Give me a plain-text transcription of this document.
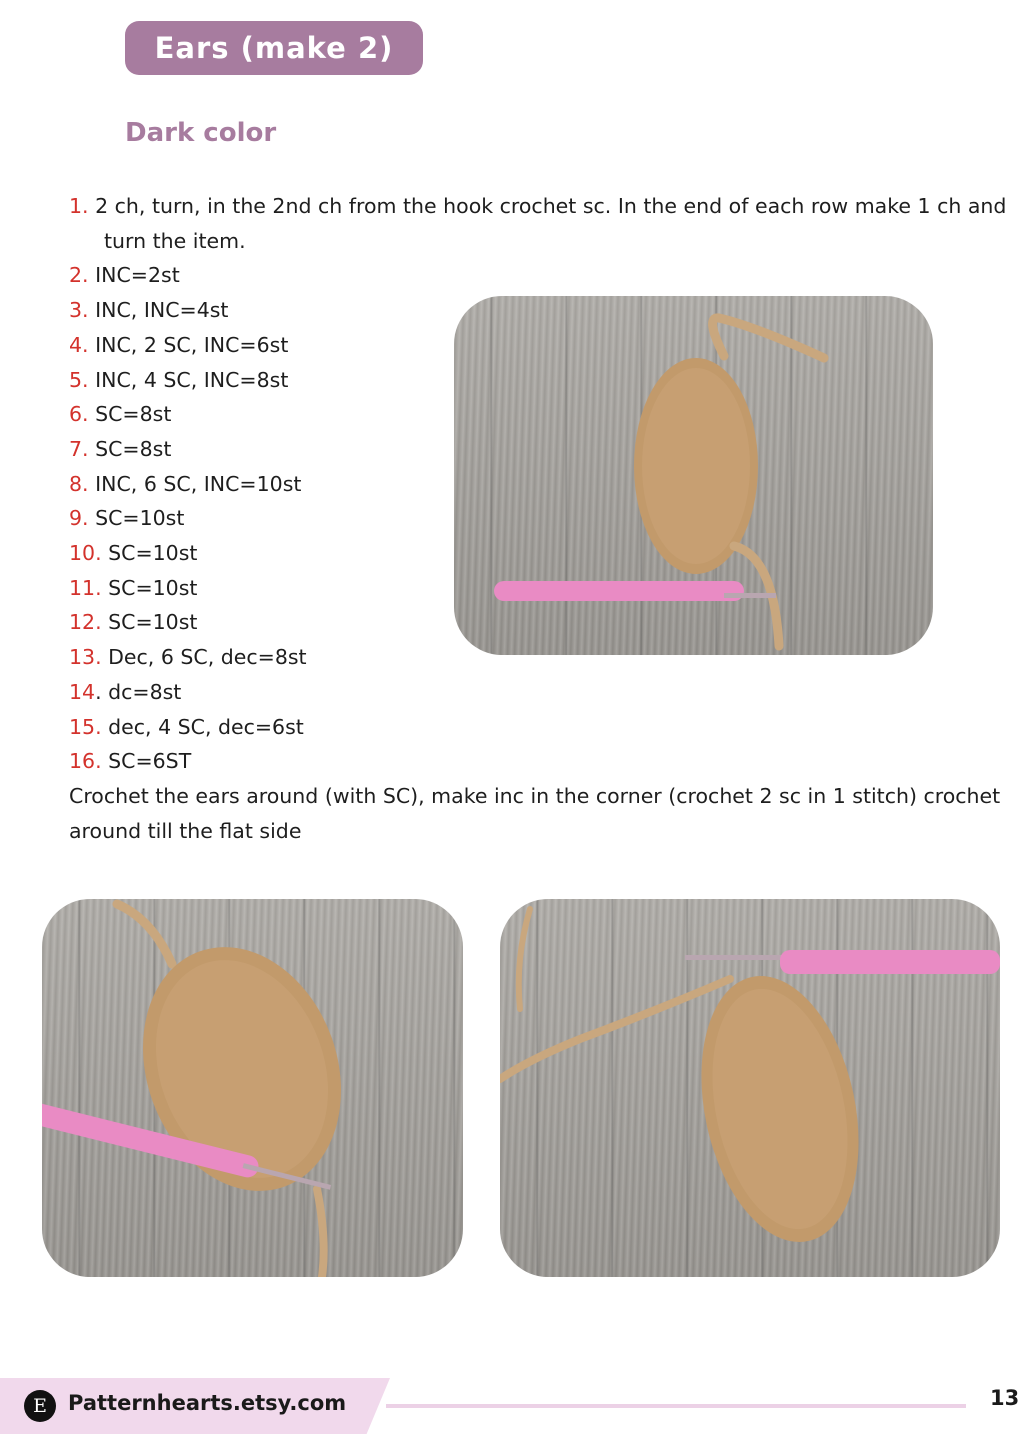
Ears (make 2)
Dark color
1. 2 ch, turn, in the 2nd ch from the hook crochet sc. In the end of each row make 1 ch and turn the item.
2. INC=2st
3. INC, INC=4st
4. INC, 2 SC, INC=6st
5. INC, 4 SC, INC=8st
6. SC=8st
7. SC=8st
8. INC, 6 SC, INC=10st
9. SC=10st
10. SC=10st
11. SC=10st
12. SC=10st
13. Dec, 6 SC, dec=8st
14. dc=8st
15. dec, 4 SC, dec=6st
16. SC=6ST
Crochet the ears around (with SC), make inc in the corner (crochet 2 sc in 1 stitch) crochet around till the flat side
E	Patternhearts.etsy.com	13
